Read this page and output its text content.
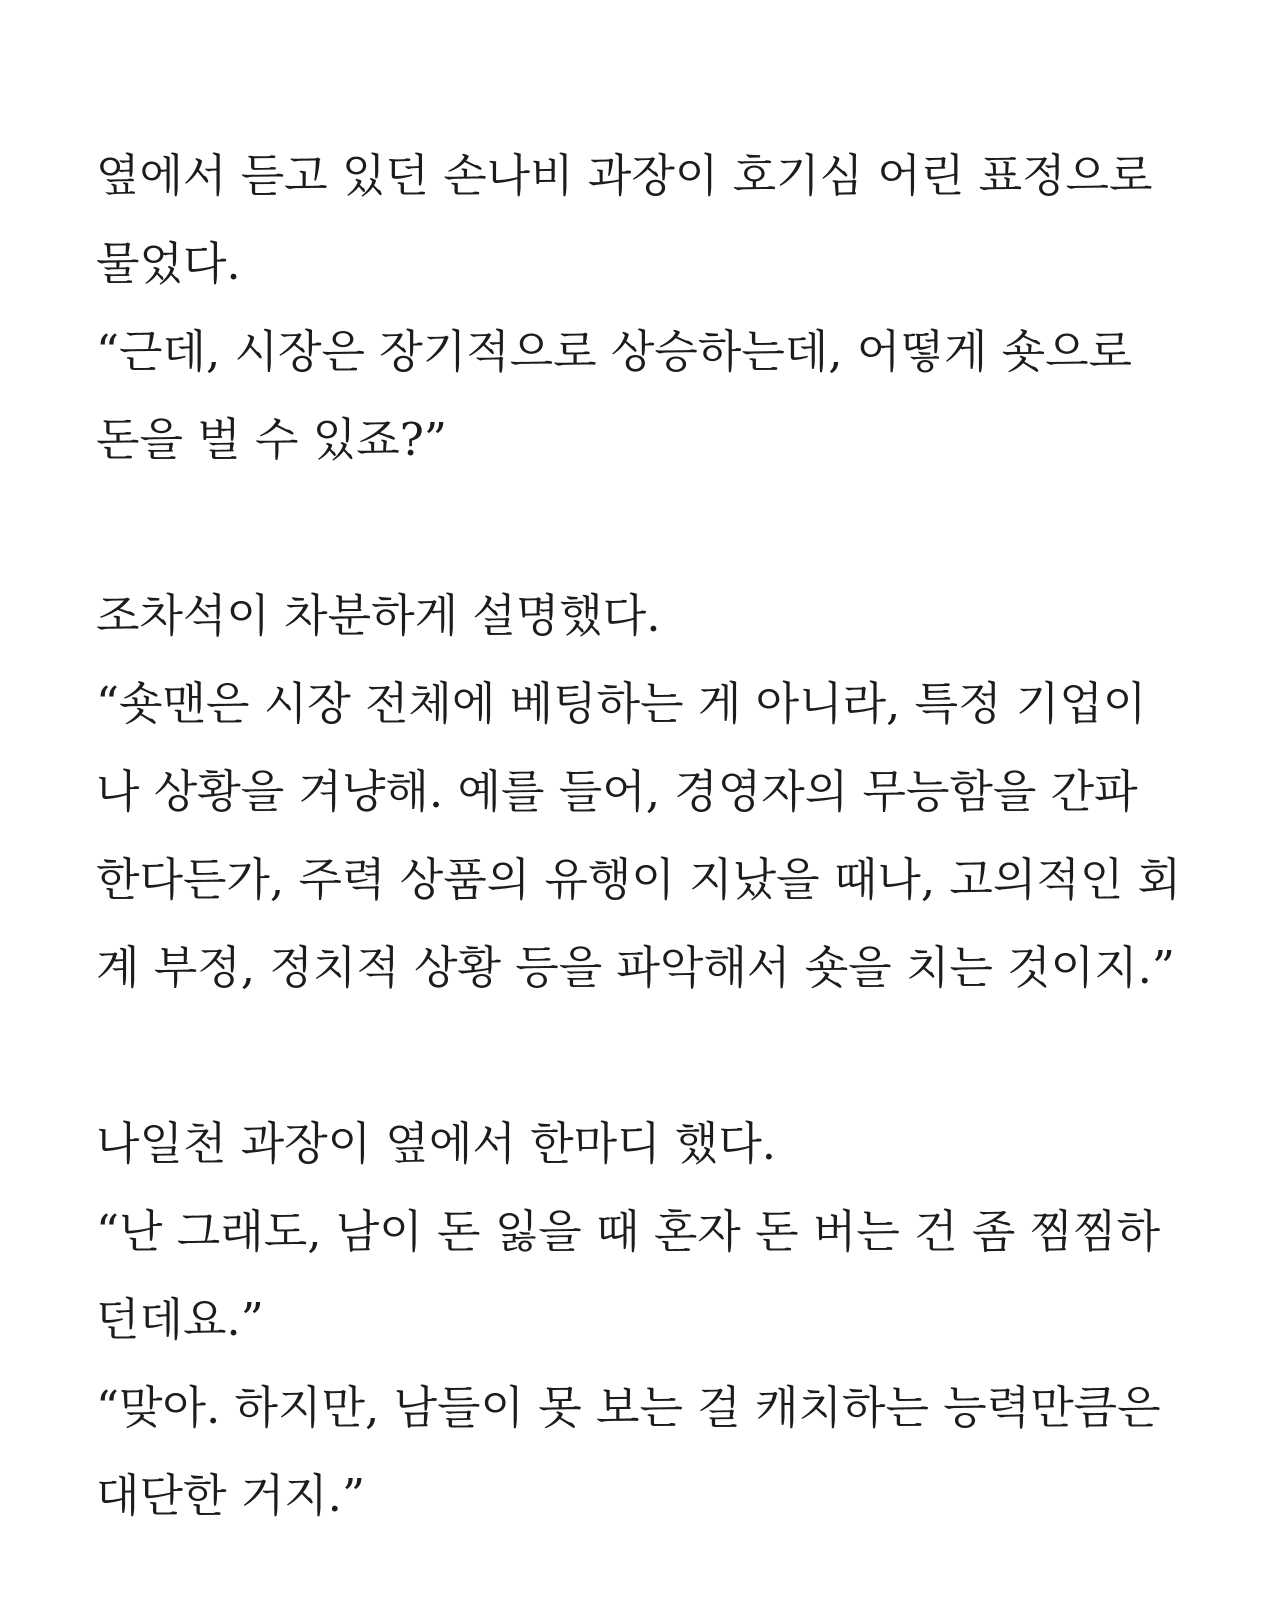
옆에서 듣고 있던 손나비 과장이 호기심 어린 표정으로
물었다.
“근데, 시장은 장기적으로 상승하는데, 어떻게 숏으로
돈을 벌 수 있죠?”

조차석이 차분하게 설명했다.
“숏맨은 시장 전체에 베팅하는 게 아니라, 특정 기업이
나 상황을 겨냥해. 예를 들어, 경영자의 무능함을 간파
한다든가, 주력 상품의 유행이 지났을 때나, 고의적인 회
계 부정, 정치적 상황 등을 파악해서 숏을 치는 것이지.”

나일천 과장이 옆에서 한마디 했다.
“난 그래도, 남이 돈 잃을 때 혼자 돈 버는 건 좀 찜찜하
던데요.”
“맞아. 하지만, 남들이 못 보는 걸 캐치하는 능력만큼은
대단한 거지.”
